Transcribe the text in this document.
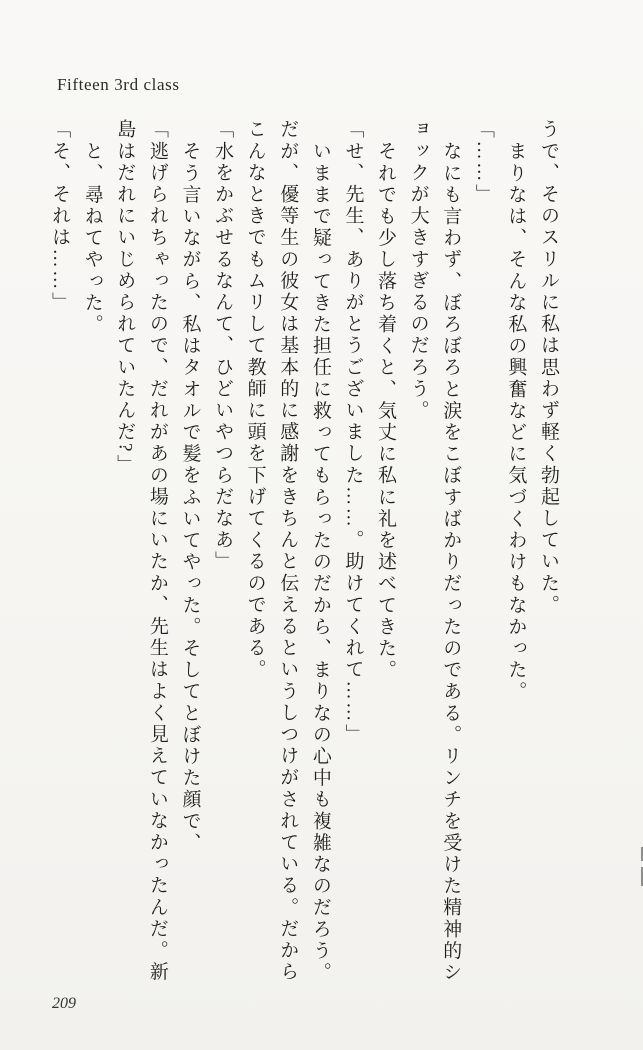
Fifteen 3rd class

うで、そのスリルに私は思わず軽く勃起していた。

まりなは、そんな私の興奮などに気づくわけもなかった。

「……」

なにも言わず、ぼろぼろと涙をこぼすばかりだったのである。リンチを受けた精神的ショックが大きすぎるのだろう。

それでも少し落ち着くと、気丈に私に礼を述べてきた。

「せ、先生、ありがとうございました……。助けてくれて……」

いままで疑ってきた担任に救ってもらったのだから、まりなの心中も複雑なのだろう。だが、優等生の彼女は基本的に感謝をきちんと伝えるというしつけがされている。だからこんなときでもムリして教師に頭を下げてくるのである。

「水をかぶせるなんて、ひどいやつらだなあ」

そう言いながら、私はタオルで髪をふいてやった。そしてとぼけた顔で、

「逃げられちゃったので、だれがあの場にいたか、先生はよく見えていなかったんだ。新島はだれにいじめられていたんだ?」

と、尋ねてやった。

「そ、それは……」

209
